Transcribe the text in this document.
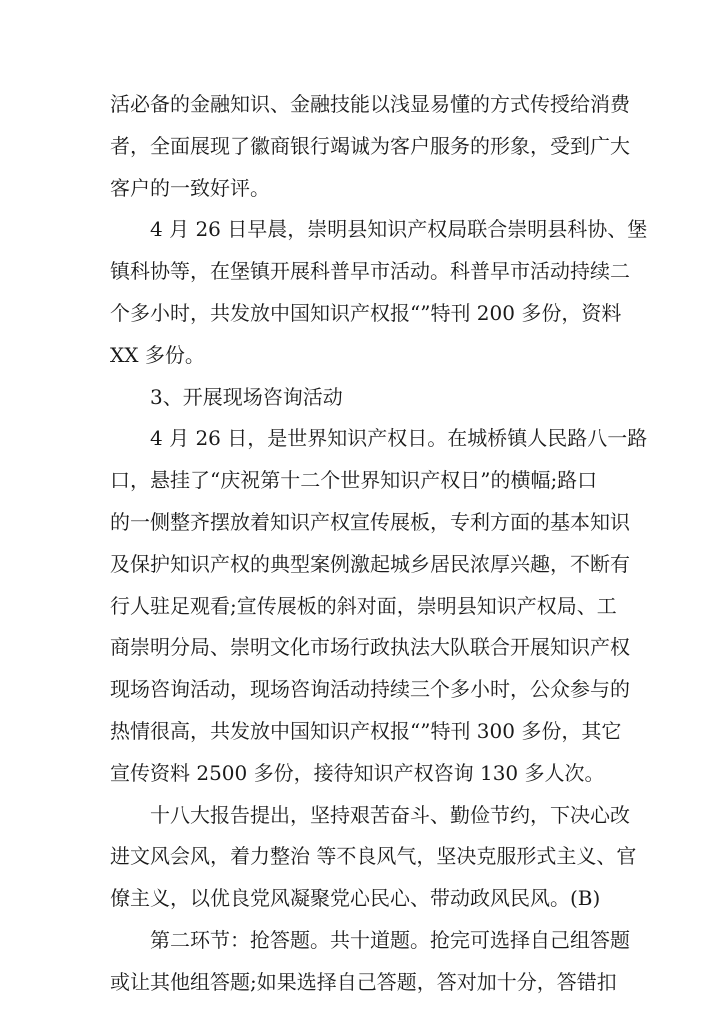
活必备的金融知识、金融技能以浅显易懂的方式传授给消费
者，全面展现了徽商银行竭诚为客户服务的形象，受到广大
客户的一致好评。
4 月 26 日早晨，崇明县知识产权局联合崇明县科协、堡
镇科协等，在堡镇开展科普早市活动。科普早市活动持续二
个多小时，共发放中国知识产权报“”特刊 200 多份，资料
XX 多份。
3、开展现场咨询活动
4 月 26 日，是世界知识产权日。在城桥镇人民路八一路
口，悬挂了“庆祝第十二个世界知识产权日”的横幅;路口
的一侧整齐摆放着知识产权宣传展板，专利方面的基本知识
及保护知识产权的典型案例激起城乡居民浓厚兴趣，不断有
行人驻足观看;宣传展板的斜对面，崇明县知识产权局、工
商崇明分局、崇明文化市场行政执法大队联合开展知识产权
现场咨询活动，现场咨询活动持续三个多小时，公众参与的
热情很高，共发放中国知识产权报“”特刊 300 多份，其它
宣传资料 2500 多份，接待知识产权咨询 130 多人次。
十八大报告提出，坚持艰苦奋斗、勤俭节约，下决心改
进文风会风，着力整治 等不良风气，坚决克服形式主义、官
僚主义，以优良党风凝聚党心民心、带动政风民风。(B)
第二环节：抢答题。共十道题。抢完可选择自己组答题
或让其他组答题;如果选择自己答题，答对加十分，答错扣
